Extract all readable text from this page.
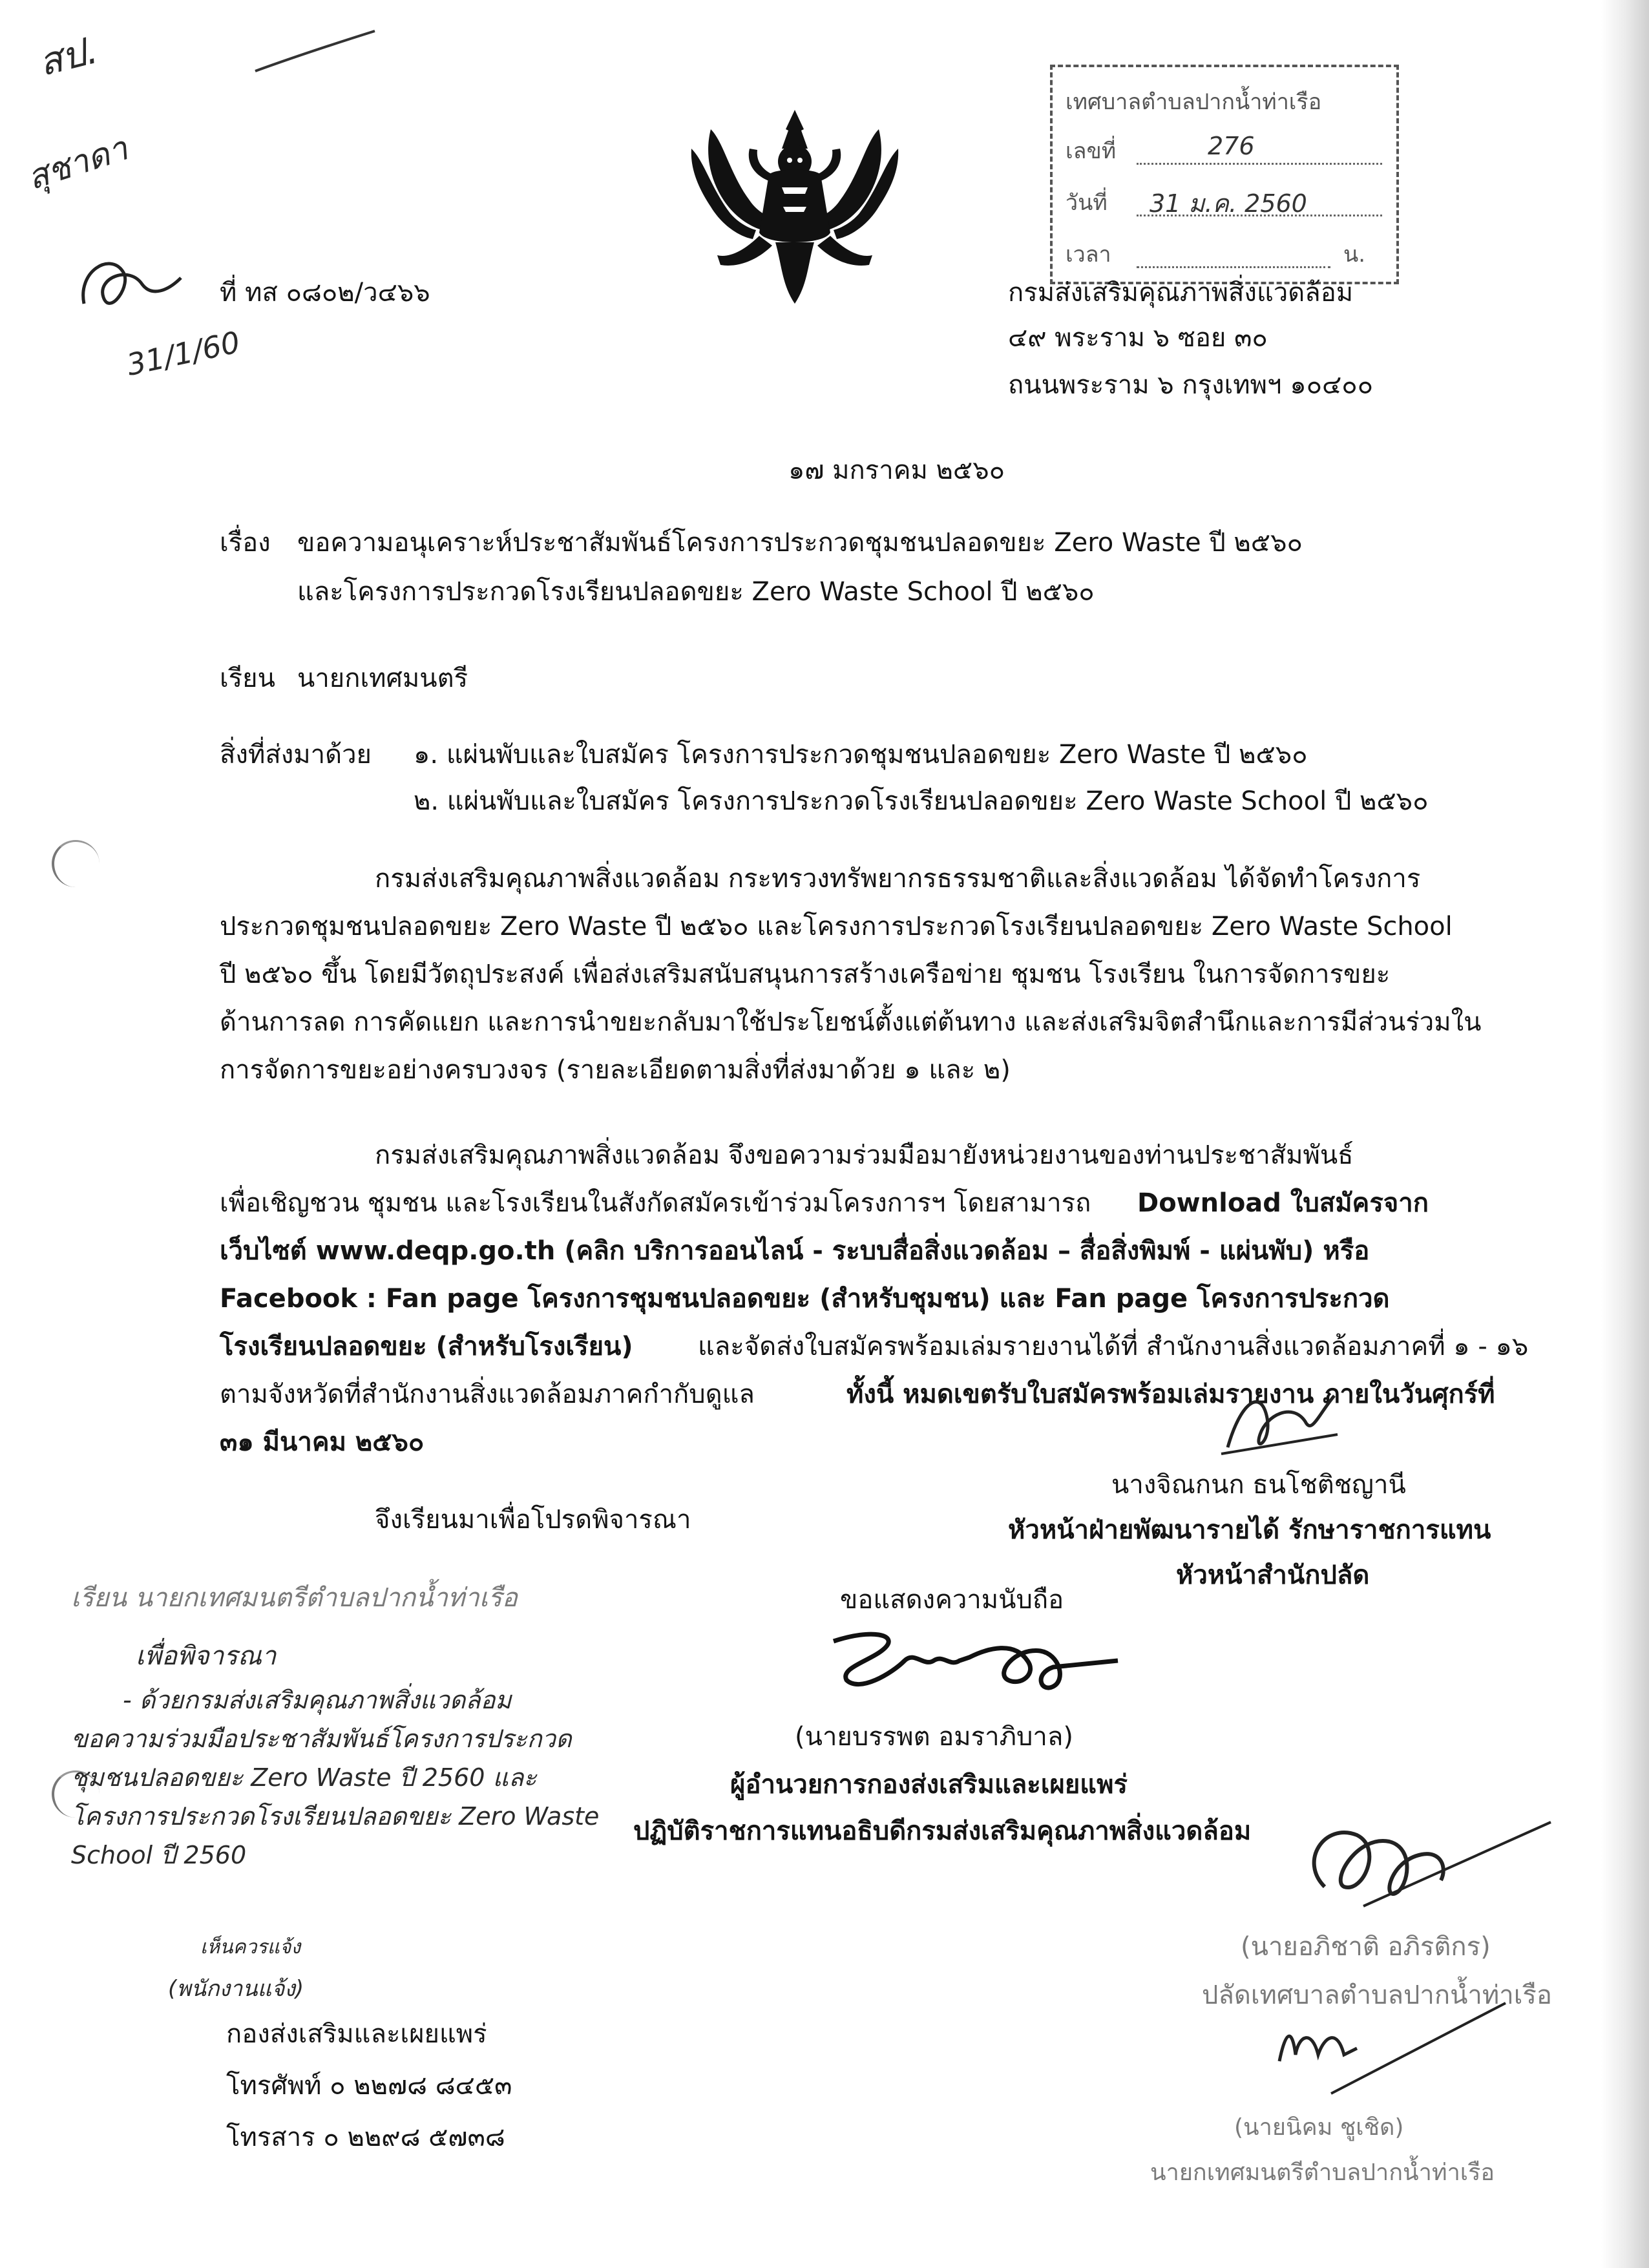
เทศบาลตำบลปากน้ำท่าเรือ
เลขที่	276
วันที่ 31 ม.ค. 2560
เวลา	น.
สป.
สุชาดา
31/1/60
ที่ ทส ๐๘๐๒/ว๔๖๖	กรมส่งเสริมคุณภาพสิ่งแวดล้อม
๔๙ พระราม ๖ ซอย ๓๐
ถนนพระราม ๖ กรุงเทพฯ ๑๐๔๐๐
๑๗ มกราคม ๒๕๖๐
เรื่อง ขอความอนุเคราะห์ประชาสัมพันธ์โครงการประกวดชุมชนปลอดขยะ Zero Waste ปี ๒๕๖๐
และโครงการประกวดโรงเรียนปลอดขยะ Zero Waste School ปี ๒๕๖๐
เรียน นายกเทศมนตรี
สิ่งที่ส่งมาด้วย ๑. แผ่นพับและใบสมัคร โครงการประกวดชุมชนปลอดขยะ Zero Waste ปี ๒๕๖๐
๒. แผ่นพับและใบสมัคร โครงการประกวดโรงเรียนปลอดขยะ Zero Waste School ปี ๒๕๖๐
กรมส่งเสริมคุณภาพสิ่งแวดล้อม กระทรวงทรัพยากรธรรมชาติและสิ่งแวดล้อม ได้จัดทำโครงการ
ประกวดชุมชนปลอดขยะ Zero Waste ปี ๒๕๖๐ และโครงการประกวดโรงเรียนปลอดขยะ Zero Waste School
ปี ๒๕๖๐ ขึ้น โดยมีวัตถุประสงค์ เพื่อส่งเสริมสนับสนุนการสร้างเครือข่าย ชุมชน โรงเรียน ในการจัดการขยะ
ด้านการลด การคัดแยก และการนำขยะกลับมาใช้ประโยชน์ตั้งแต่ต้นทาง และส่งเสริมจิตสำนึกและการมีส่วนร่วมใน
การจัดการขยะอย่างครบวงจร (รายละเอียดตามสิ่งที่ส่งมาด้วย ๑ และ ๒)
กรมส่งเสริมคุณภาพสิ่งแวดล้อม จึงขอความร่วมมือมายังหน่วยงานของท่านประชาสัมพันธ์
เพื่อเชิญชวน ชุมชน และโรงเรียนในสังกัดสมัครเข้าร่วมโครงการฯ โดยสามารถ Download ใบสมัครจาก
เว็บไซต์ www.deqp.go.th (คลิก บริการออนไลน์ - ระบบสื่อสิ่งแวดล้อม – สื่อสิ่งพิมพ์ - แผ่นพับ) หรือ
Facebook : Fan page โครงการชุมชนปลอดขยะ (สำหรับชุมชน) และ Fan page โครงการประกวด
โรงเรียนปลอดขยะ (สำหรับโรงเรียน)	และจัดส่งใบสมัครพร้อมเล่มรายงานได้ที่ สำนักงานสิ่งแวดล้อมภาคที่ ๑ - ๑๖
ตามจังหวัดที่สำนักงานสิ่งแวดล้อมภาคกำกับดูแล	ทั้งนี้ หมดเขตรับใบสมัครพร้อมเล่มรายงาน ภายในวันศุกร์ที่
๓๑ มีนาคม ๒๕๖๐
จึงเรียนมาเพื่อโปรดพิจารณา
นางจิณกนก ธนโชติชญานี
หัวหน้าฝ่ายพัฒนารายได้ รักษาราชการแทน
หัวหน้าสำนักปลัด
ขอแสดงความนับถือ
(นายบรรพต อมราภิบาล)
ผู้อำนวยการกองส่งเสริมและเผยแพร่
ปฏิบัติราชการแทนอธิบดีกรมส่งเสริมคุณภาพสิ่งแวดล้อม
เรียน นายกเทศมนตรีตำบลปากน้ำท่าเรือ
เพื่อพิจารณา
- ด้วยกรมส่งเสริมคุณภาพสิ่งแวดล้อม
ขอความร่วมมือประชาสัมพันธ์โครงการประกวด
ชุมชนปลอดขยะ Zero Waste ปี 2560 และ
โครงการประกวดโรงเรียนปลอดขยะ Zero Waste
School ปี 2560
เห็นควรแจ้ง
(พนักงานแจ้ง)
กองส่งเสริมและเผยแพร่
โทรศัพท์ ๐ ๒๒๗๘ ๘๔๕๓
โทรสาร ๐ ๒๒๙๘ ๕๗๓๘
(นายอภิชาติ อภิรติกร)
ปลัดเทศบาลตำบลปากน้ำท่าเรือ
(นายนิคม ชูเชิด)
นายกเทศมนตรีตำบลปากน้ำท่าเรือ
